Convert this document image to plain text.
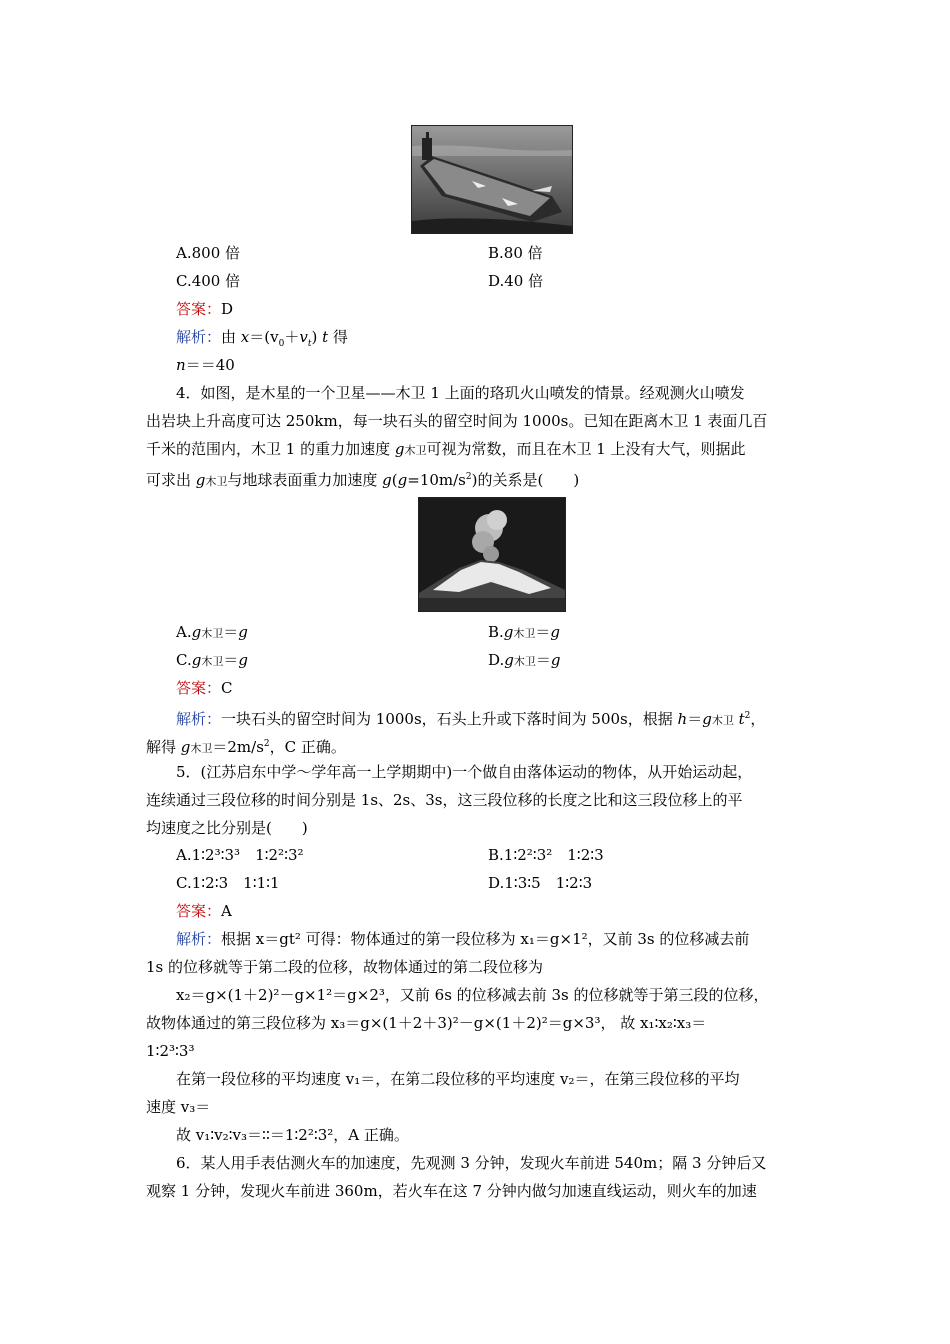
A.800 倍	B.80 倍
C.400 倍	D.40 倍
答案：D
解析：由 $x=(v_0+v_t)$ t 得
n＝＝40
4．如图，是木星的一个卫星——木卫 1 上面的珞玑火山喷发的情景。经观测火山喷发
出岩块上升高度可达 250km，每一块石头的留空时间为 1000s。已知在距离木卫 1 表面几百
千米的范围内，木卫 1 的重力加速度 g木卫可视为常数，而且在木卫 1 上没有大气，则据此
可求出 g木卫与地球表面重力加速度 $g(g=10m/s^2)$的关系是(　　)
A.g木卫＝g	B.g木卫＝g
C.g木卫＝g	D.g木卫＝g
答案：C
解析：一块石头的留空时间为 1000s，石头上升或下落时间为 500s，根据 h＝g木卫 $t^2$，
解得 g木卫$=2m/s^2$，C 正确。
5．(江苏启东中学～学年高一上学期期中)一个做自由落体运动的物体，从开始运动起，
连续通过三段位移的时间分别是 1s、2s、3s，这三段位移的长度之比和这三段位移上的平
均速度之比分别是(　　)
A.1∶2³∶3³　1∶2²∶3²	B.1∶2²∶3²　1∶2∶3
C.1∶2∶3　1∶1∶1	D.1∶3∶5　1∶2∶3
答案：A
解析：根据 x＝gt² 可得：物体通过的第一段位移为 x₁＝g×1²，又前 3s 的位移减去前
1s 的位移就等于第二段的位移，故物体通过的第二段位移为
x₂＝g×(1＋2)²－g×1²＝g×2³，又前 6s 的位移减去前 3s 的位移就等于第三段的位移，
故物体通过的第三段位移为 x₃＝g×(1＋2＋3)²－g×(1＋2)²＝g×3³， 故 x₁∶x₂∶x₃＝
1∶2³∶3³
在第一段位移的平均速度 v₁＝，在第二段位移的平均速度 v₂＝，在第三段位移的平均
速度 v₃＝
故 v₁∶v₂∶v₃＝∶∶＝1∶2²∶3²，A 正确。
6．某人用手表估测火车的加速度，先观测 3 分钟，发现火车前进 540m；隔 3 分钟后又
观察 1 分钟，发现火车前进 360m，若火车在这 7 分钟内做匀加速直线运动，则火车的加速
